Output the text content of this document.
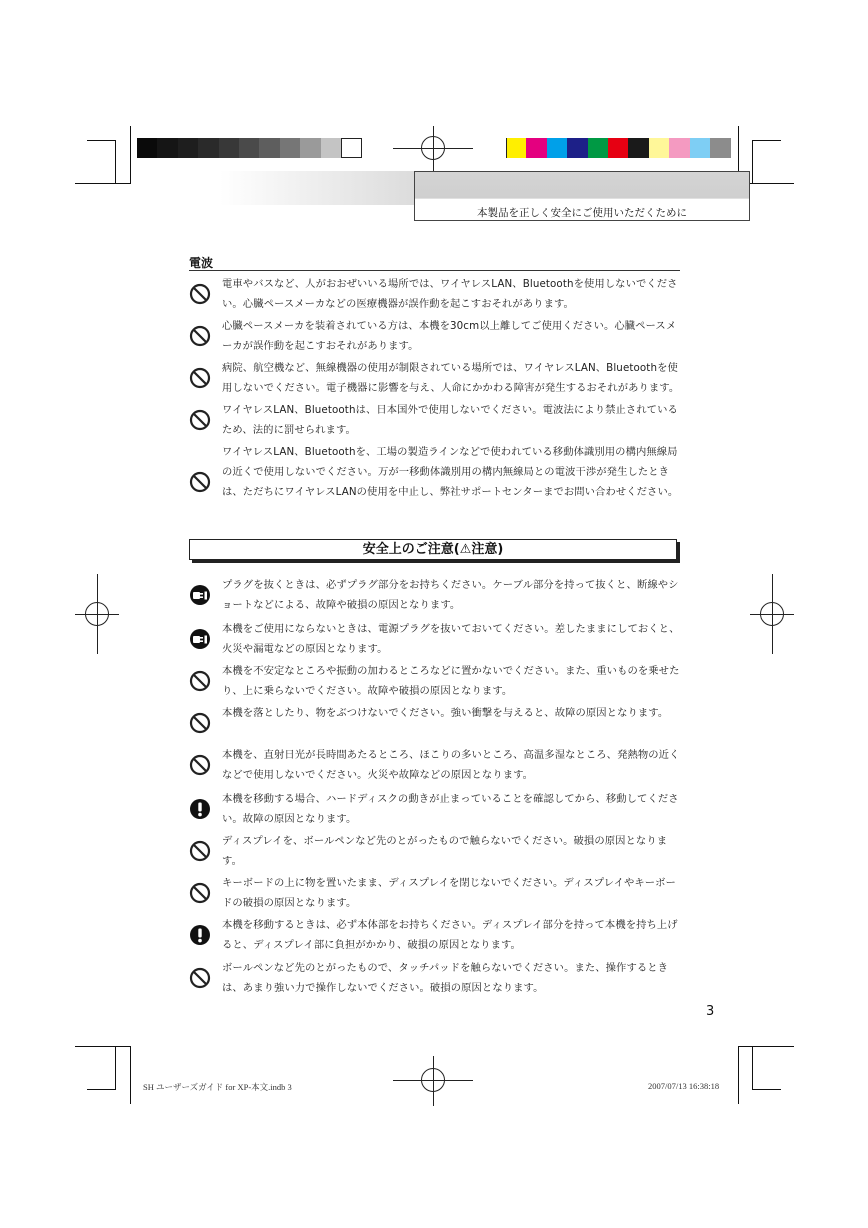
本製品を正しく安全にご使用いただくために
電波
電車やバスなど、人がおおぜいいる場所では、ワイヤレスLAN、Bluetoothを使用しないでください。心臓ペースメーカなどの医療機器が誤作動を起こすおそれがあります。
心臓ペースメーカを装着されている方は、本機を30cm以上離してご使用ください。心臓ペースメーカが誤作動を起こすおそれがあります。
病院、航空機など、無線機器の使用が制限されている場所では、ワイヤレスLAN、Bluetoothを使用しないでください。電子機器に影響を与え、人命にかかわる障害が発生するおそれがあります。
ワイヤレスLAN、Bluetoothは、日本国外で使用しないでください。電波法により禁止されているため、法的に罰せられます。
ワイヤレスLAN、Bluetoothを、工場の製造ラインなどで使われている移動体識別用の構内無線局の近くで使用しないでください。万が一移動体識別用の構内無線局との電波干渉が発生したときは、ただちにワイヤレスLANの使用を中止し、弊社サポートセンターまでお問い合わせください。
安全上のご注意(⚠注意)
プラグを抜くときは、必ずプラグ部分をお持ちください。ケーブル部分を持って抜くと、断線やショートなどによる、故障や破損の原因となります。
本機をご使用にならないときは、電源プラグを抜いておいてください。差したままにしておくと、火災や漏電などの原因となります。
本機を不安定なところや振動の加わるところなどに置かないでください。また、重いものを乗せたり、上に乗らないでください。故障や破損の原因となります。
本機を落としたり、物をぶつけないでください。強い衝撃を与えると、故障の原因となります。
本機を、直射日光が長時間あたるところ、ほこりの多いところ、高温多湿なところ、発熱物の近くなどで使用しないでください。火災や故障などの原因となります。
本機を移動する場合、ハードディスクの動きが止まっていることを確認してから、移動してください。故障の原因となります。
ディスプレイを、ボールペンなど先のとがったもので触らないでください。破損の原因となります。
キーボードの上に物を置いたまま、ディスプレイを閉じないでください。ディスプレイやキーボードの破損の原因となります。
本機を移動するときは、必ず本体部をお持ちください。ディスプレイ部分を持って本機を持ち上げると、ディスプレイ部に負担がかかり、破損の原因となります。
ボールペンなど先のとがったもので、タッチパッドを触らないでください。また、操作するときは、あまり強い力で操作しないでください。破損の原因となります。
3
SH ユーザーズガイド for XP-本文.indb 3	2007/07/13 16:38:18
